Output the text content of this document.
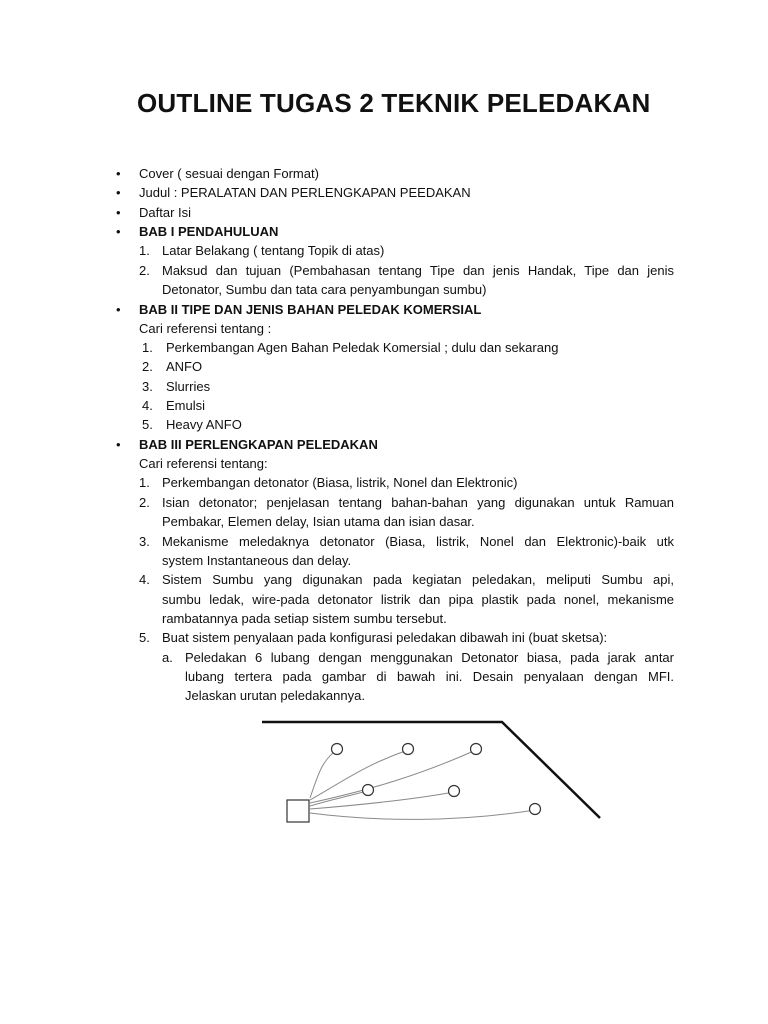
OUTLINE TUGAS 2 TEKNIK PELEDAKAN
• Cover ( sesuai dengan Format)
• Judul : PERALATAN DAN PERLENGKAPAN PEEDAKAN
• Daftar Isi
• BAB I PENDAHULUAN
1. Latar Belakang ( tentang Topik di atas)
2. Maksud dan tujuan (Pembahasan tentang Tipe dan jenis Handak, Tipe dan jenis
Detonator, Sumbu dan tata cara penyambungan sumbu)
• BAB II TIPE DAN JENIS BAHAN PELEDAK KOMERSIAL
Cari referensi tentang :
1. Perkembangan Agen Bahan Peledak Komersial ; dulu dan sekarang
2. ANFO
3. Slurries
4. Emulsi
5. Heavy ANFO
• BAB III PERLENGKAPAN PELEDAKAN
Cari referensi tentang:
1. Perkembangan detonator (Biasa, listrik, Nonel dan Elektronic)
2. Isian detonator; penjelasan tentang bahan-bahan yang digunakan untuk Ramuan
Pembakar, Elemen delay, Isian utama dan isian dasar.
3. Mekanisme meledaknya detonator (Biasa, listrik, Nonel dan Elektronic)-baik utk
system Instantaneous dan delay.
4. Sistem Sumbu yang digunakan pada kegiatan peledakan, meliputi Sumbu api,
sumbu ledak, wire-pada detonator listrik dan pipa plastik pada nonel, mekanisme
rambatannya pada setiap sistem sumbu tersebut.
5. Buat sistem penyalaan pada konfigurasi peledakan dibawah ini (buat sketsa):
a. Peledakan 6 lubang dengan menggunakan Detonator biasa, pada jarak antar
lubang tertera pada gambar di bawah ini. Desain penyalaan dengan MFI.
Jelaskan urutan peledakannya.
